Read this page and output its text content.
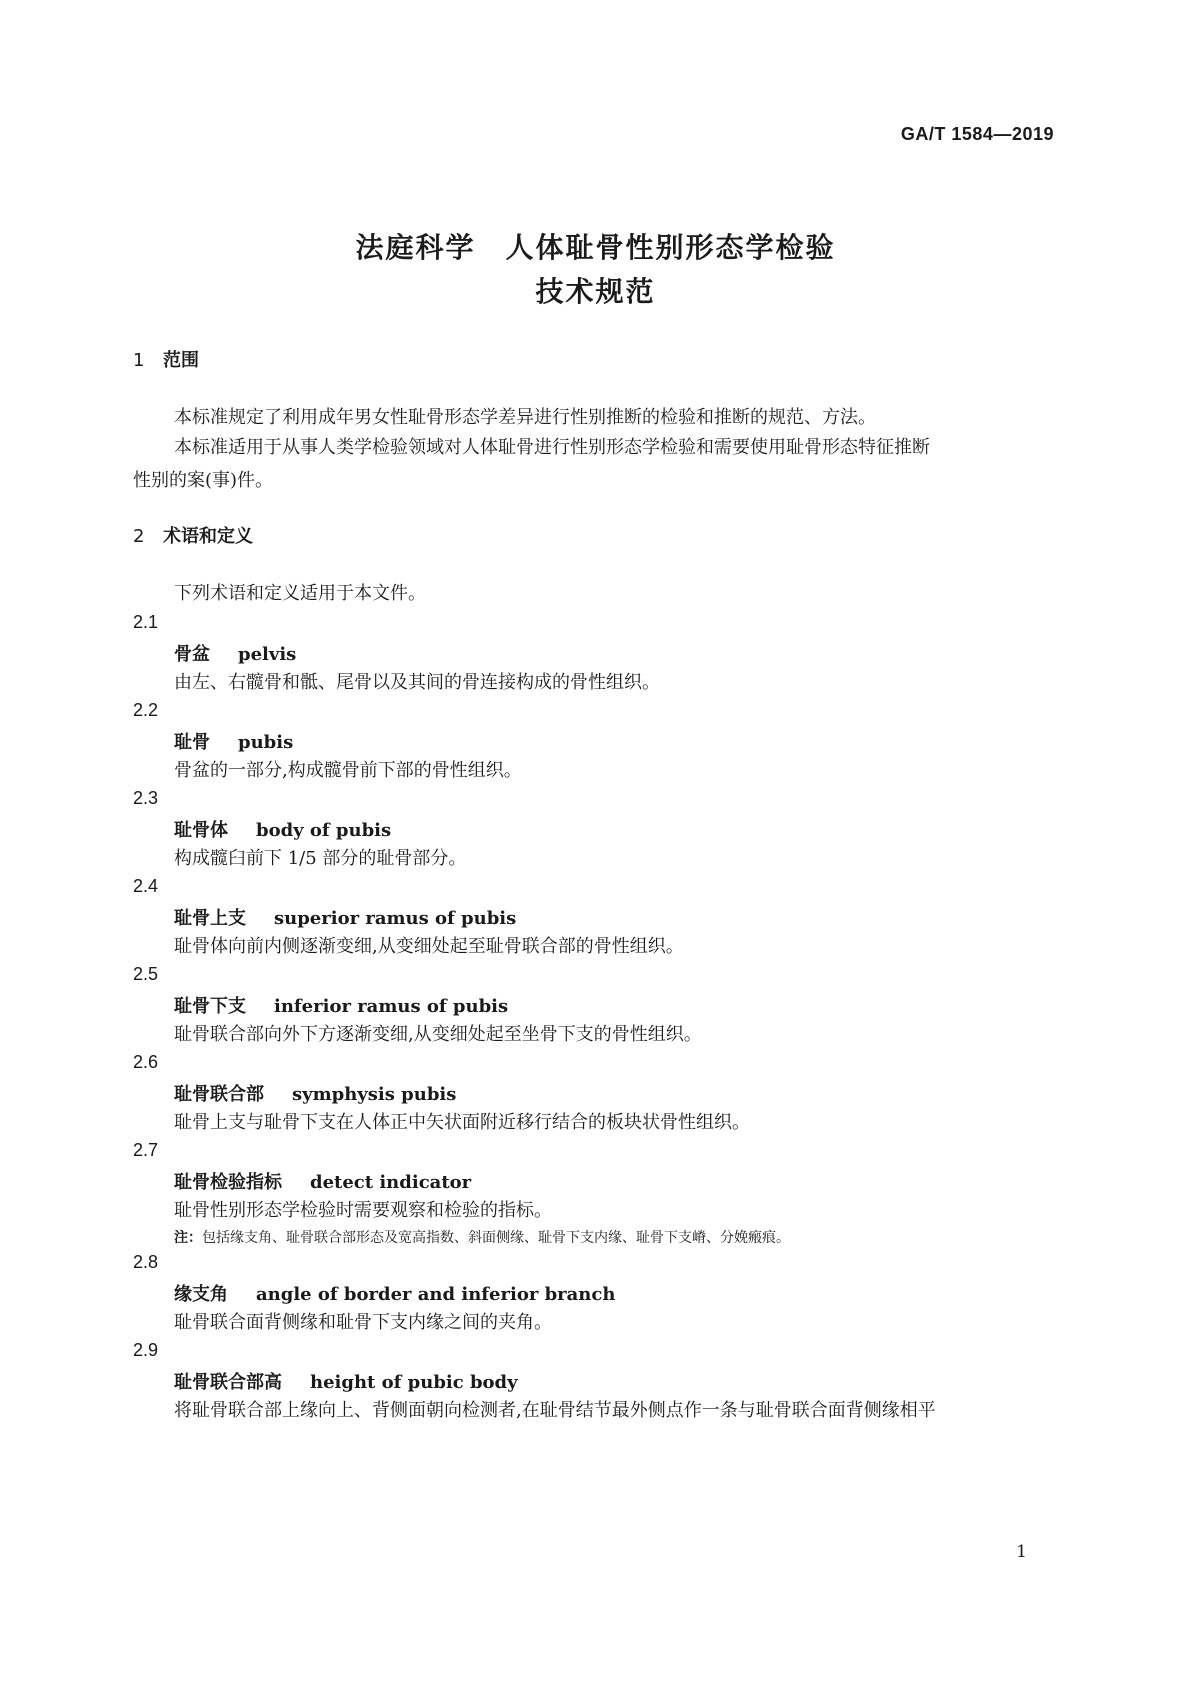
GA/T 1584—2019
法庭科学　人体耻骨性别形态学检验
技术规范
1 范围
本标准规定了利用成年男女性耻骨形态学差异进行性别推断的检验和推断的规范、方法。
本标准适用于从事人类学检验领域对人体耻骨进行性别形态学检验和需要使用耻骨形态特征推断
性别的案(事)件。
2 术语和定义
下列术语和定义适用于本文件。
2.1
骨盆 pelvis
由左、右髋骨和骶、尾骨以及其间的骨连接构成的骨性组织。
2.2
耻骨 pubis
骨盆的一部分,构成髋骨前下部的骨性组织。
2.3
耻骨体 body of pubis
构成髋臼前下 1/5 部分的耻骨部分。
2.4
耻骨上支 superior ramus of pubis
耻骨体向前内侧逐渐变细,从变细处起至耻骨联合部的骨性组织。
2.5
耻骨下支 inferior ramus of pubis
耻骨联合部向外下方逐渐变细,从变细处起至坐骨下支的骨性组织。
2.6
耻骨联合部 symphysis pubis
耻骨上支与耻骨下支在人体正中矢状面附近移行结合的板块状骨性组织。
2.7
耻骨检验指标 detect indicator
耻骨性别形态学检验时需要观察和检验的指标。
注：包括缘支角、耻骨联合部形态及宽高指数、斜面侧缘、耻骨下支内缘、耻骨下支嵴、分娩瘢痕。
2.8
缘支角 angle of border and inferior branch
耻骨联合面背侧缘和耻骨下支内缘之间的夹角。
2.9
耻骨联合部高 height of pubic body
将耻骨联合部上缘向上、背侧面朝向检测者,在耻骨结节最外侧点作一条与耻骨联合面背侧缘相平
1
